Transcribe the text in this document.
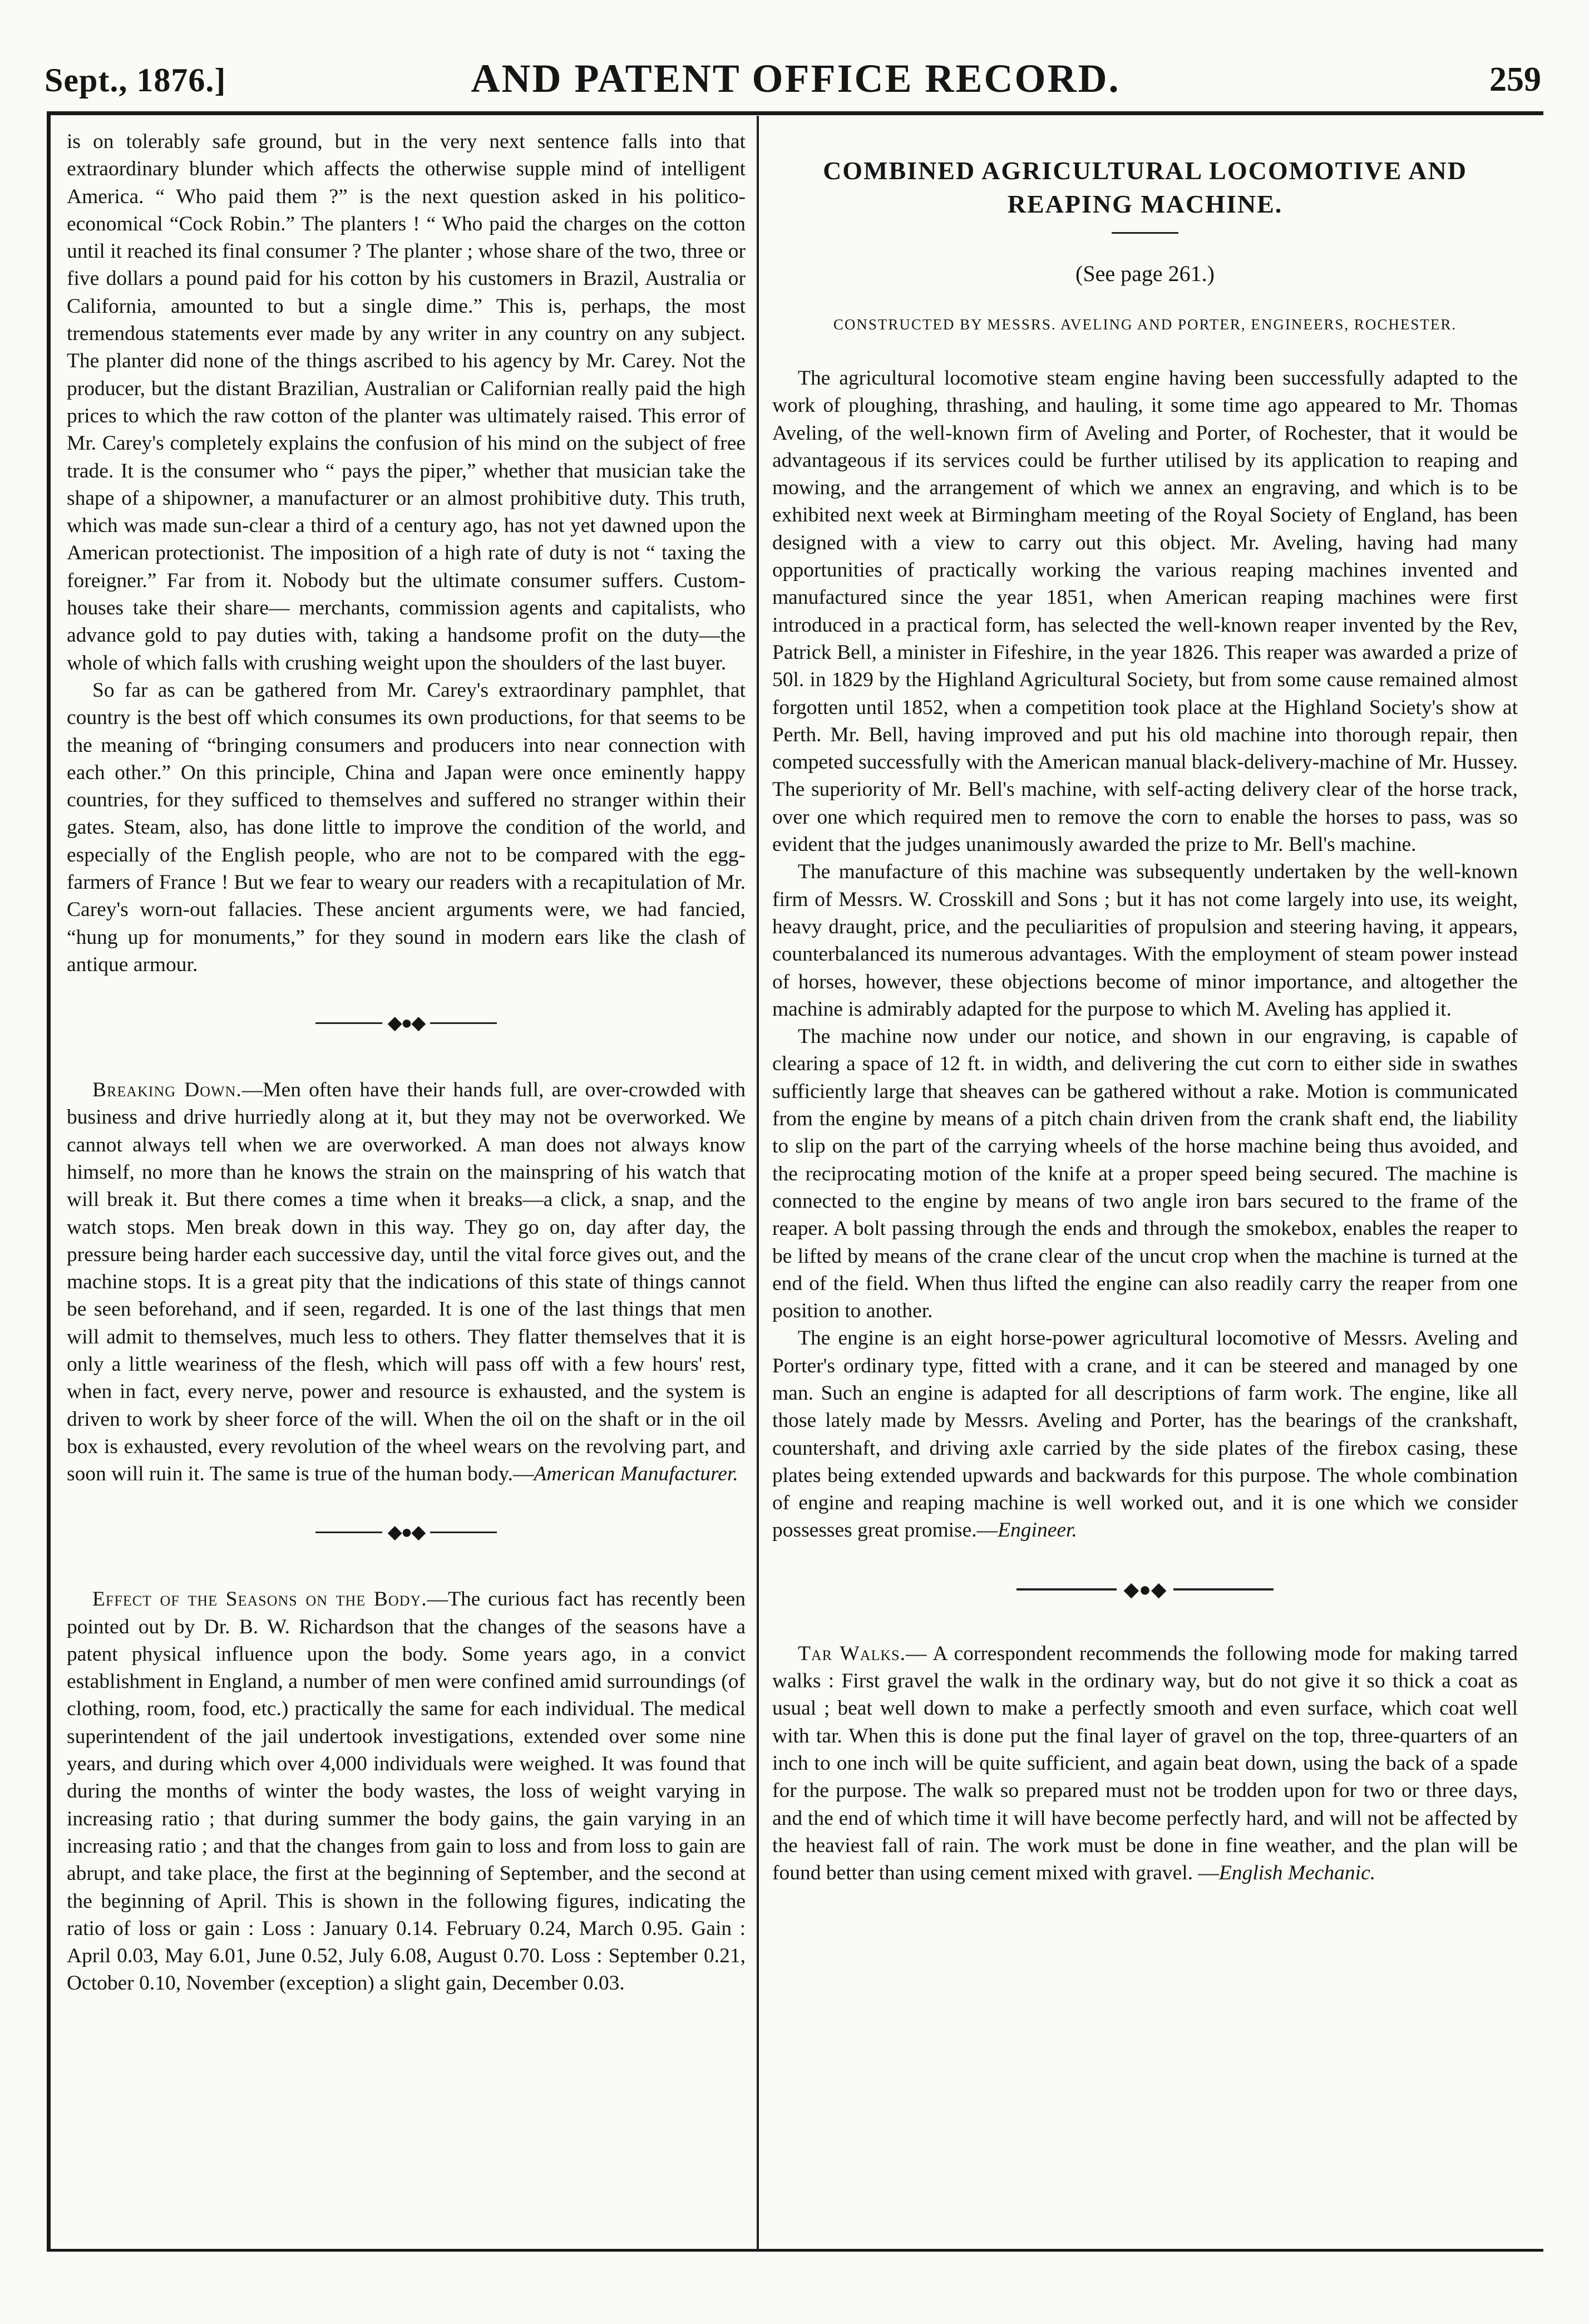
Sept., 1876.]	AND PATENT OFFICE RECORD.	259

is on tolerably safe ground, but in the very next sentence falls into that extraordinary blunder which affects the otherwise supple mind of intelligent America. “ Who paid them ?” is the next question asked in his politico-economical “Cock Robin.” The planters ! “ Who paid the charges on the cotton until it reached its final consumer ? The planter ; whose share of the two, three or five dollars a pound paid for his cotton by his customers in Brazil, Australia or California, amounted to but a single dime.” This is, perhaps, the most tremendous statements ever made by any writer in any country on any subject. The planter did none of the things ascribed to his agency by Mr. Carey. Not the producer, but the distant Brazilian, Australian or Californian really paid the high prices to which the raw cotton of the planter was ultimately raised. This error of Mr. Carey's completely explains the confusion of his mind on the subject of free trade. It is the consumer who “ pays the piper,” whether that musician take the shape of a shipowner, a manufacturer or an almost prohibitive duty. This truth, which was made sun-clear a third of a century ago, has not yet dawned upon the American protectionist. The imposition of a high rate of duty is not “ taxing the foreigner.” Far from it. Nobody but the ultimate consumer suffers. Custom-houses take their share— merchants, commission agents and capitalists, who advance gold to pay duties with, taking a handsome profit on the duty—the whole of which falls with crushing weight upon the shoulders of the last buyer.

So far as can be gathered from Mr. Carey's extraordinary pamphlet, that country is the best off which consumes its own productions, for that seems to be the meaning of “bringing consumers and producers into near connection with each other.” On this principle, China and Japan were once eminently happy countries, for they sufficed to themselves and suffered no stranger within their gates. Steam, also, has done little to improve the condition of the world, and especially of the English people, who are not to be compared with the egg-farmers of France ! But we fear to weary our readers with a recapitulation of Mr. Carey's worn-out fallacies. These ancient arguments were, we had fancied, “hung up for monuments,” for they sound in modern ears like the clash of antique armour.

◆●◆

Breaking Down.—Men often have their hands full, are over-crowded with business and drive hurriedly along at it, but they may not be overworked. We cannot always tell when we are overworked. A man does not always know himself, no more than he knows the strain on the mainspring of his watch that will break it. But there comes a time when it breaks—a click, a snap, and the watch stops. Men break down in this way. They go on, day after day, the pressure being harder each successive day, until the vital force gives out, and the machine stops. It is a great pity that the indications of this state of things cannot be seen beforehand, and if seen, regarded. It is one of the last things that men will admit to themselves, much less to others. They flatter themselves that it is only a little weariness of the flesh, which will pass off with a few hours' rest, when in fact, every nerve, power and resource is exhausted, and the system is driven to work by sheer force of the will. When the oil on the shaft or in the oil box is exhausted, every revolution of the wheel wears on the revolving part, and soon will ruin it. The same is true of the human body.—American Manufacturer.

◆●◆

Effect of the Seasons on the Body.—The curious fact has recently been pointed out by Dr. B. W. Richardson that the changes of the seasons have a patent physical influence upon the body. Some years ago, in a convict establishment in England, a number of men were confined amid surroundings (of clothing, room, food, etc.) practically the same for each individual. The medical superintendent of the jail undertook investigations, extended over some nine years, and during which over 4,000 individuals were weighed. It was found that during the months of winter the body wastes, the loss of weight varying in increasing ratio ; that during summer the body gains, the gain varying in an increasing ratio ; and that the changes from gain to loss and from loss to gain are abrupt, and take place, the first at the beginning of September, and the second at the beginning of April. This is shown in the following figures, indicating the ratio of loss or gain : Loss : January 0.14. February 0.24, March 0.95. Gain : April 0.03, May 6.01, June 0.52, July 6.08, August 0.70. Loss : September 0.21, October 0.10, November (exception) a slight gain, December 0.03.

COMBINED AGRICULTURAL LOCOMOTIVE AND REAPING MACHINE.
(See page 261.)
CONSTRUCTED BY MESSRS. AVELING AND PORTER, ENGINEERS, ROCHESTER.

The agricultural locomotive steam engine having been successfully adapted to the work of ploughing, thrashing, and hauling, it some time ago appeared to Mr. Thomas Aveling, of the well-known firm of Aveling and Porter, of Rochester, that it would be advantageous if its services could be further utilised by its application to reaping and mowing, and the arrangement of which we annex an engraving, and which is to be exhibited next week at Birmingham meeting of the Royal Society of England, has been designed with a view to carry out this object. Mr. Aveling, having had many opportunities of practically working the various reaping machines invented and manufactured since the year 1851, when American reaping machines were first introduced in a practical form, has selected the well-known reaper invented by the Rev, Patrick Bell, a minister in Fifeshire, in the year 1826. This reaper was awarded a prize of 50l. in 1829 by the Highland Agricultural Society, but from some cause remained almost forgotten until 1852, when a competition took place at the Highland Society's show at Perth. Mr. Bell, having improved and put his old machine into thorough repair, then competed successfully with the American manual black-delivery-machine of Mr. Hussey. The superiority of Mr. Bell's machine, with self-acting delivery clear of the horse track, over one which required men to remove the corn to enable the horses to pass, was so evident that the judges unanimously awarded the prize to Mr. Bell's machine.

The manufacture of this machine was subsequently undertaken by the well-known firm of Messrs. W. Crosskill and Sons ; but it has not come largely into use, its weight, heavy draught, price, and the peculiarities of propulsion and steering having, it appears, counterbalanced its numerous advantages. With the employment of steam power instead of horses, however, these objections become of minor importance, and altogether the machine is admirably adapted for the purpose to which M. Aveling has applied it.

The machine now under our notice, and shown in our engraving, is capable of clearing a space of 12 ft. in width, and delivering the cut corn to either side in swathes sufficiently large that sheaves can be gathered without a rake. Motion is communicated from the engine by means of a pitch chain driven from the crank shaft end, the liability to slip on the part of the carrying wheels of the horse machine being thus avoided, and the reciprocating motion of the knife at a proper speed being secured. The machine is connected to the engine by means of two angle iron bars secured to the frame of the reaper. A bolt passing through the ends and through the smokebox, enables the reaper to be lifted by means of the crane clear of the uncut crop when the machine is turned at the end of the field. When thus lifted the engine can also readily carry the reaper from one position to another.

The engine is an eight horse-power agricultural locomotive of Messrs. Aveling and Porter's ordinary type, fitted with a crane, and it can be steered and managed by one man. Such an engine is adapted for all descriptions of farm work. The engine, like all those lately made by Messrs. Aveling and Porter, has the bearings of the crankshaft, countershaft, and driving axle carried by the side plates of the firebox casing, these plates being extended upwards and backwards for this purpose. The whole combination of engine and reaping machine is well worked out, and it is one which we consider possesses great promise.—Engineer.

◆●◆

Tar Walks.— A correspondent recommends the following mode for making tarred walks : First gravel the walk in the ordinary way, but do not give it so thick a coat as usual ; beat well down to make a perfectly smooth and even surface, which coat well with tar. When this is done put the final layer of gravel on the top, three-quarters of an inch to one inch will be quite sufficient, and again beat down, using the back of a spade for the purpose. The walk so prepared must not be trodden upon for two or three days, and the end of which time it will have become perfectly hard, and will not be affected by the heaviest fall of rain. The work must be done in fine weather, and the plan will be found better than using cement mixed with gravel. —English Mechanic.
